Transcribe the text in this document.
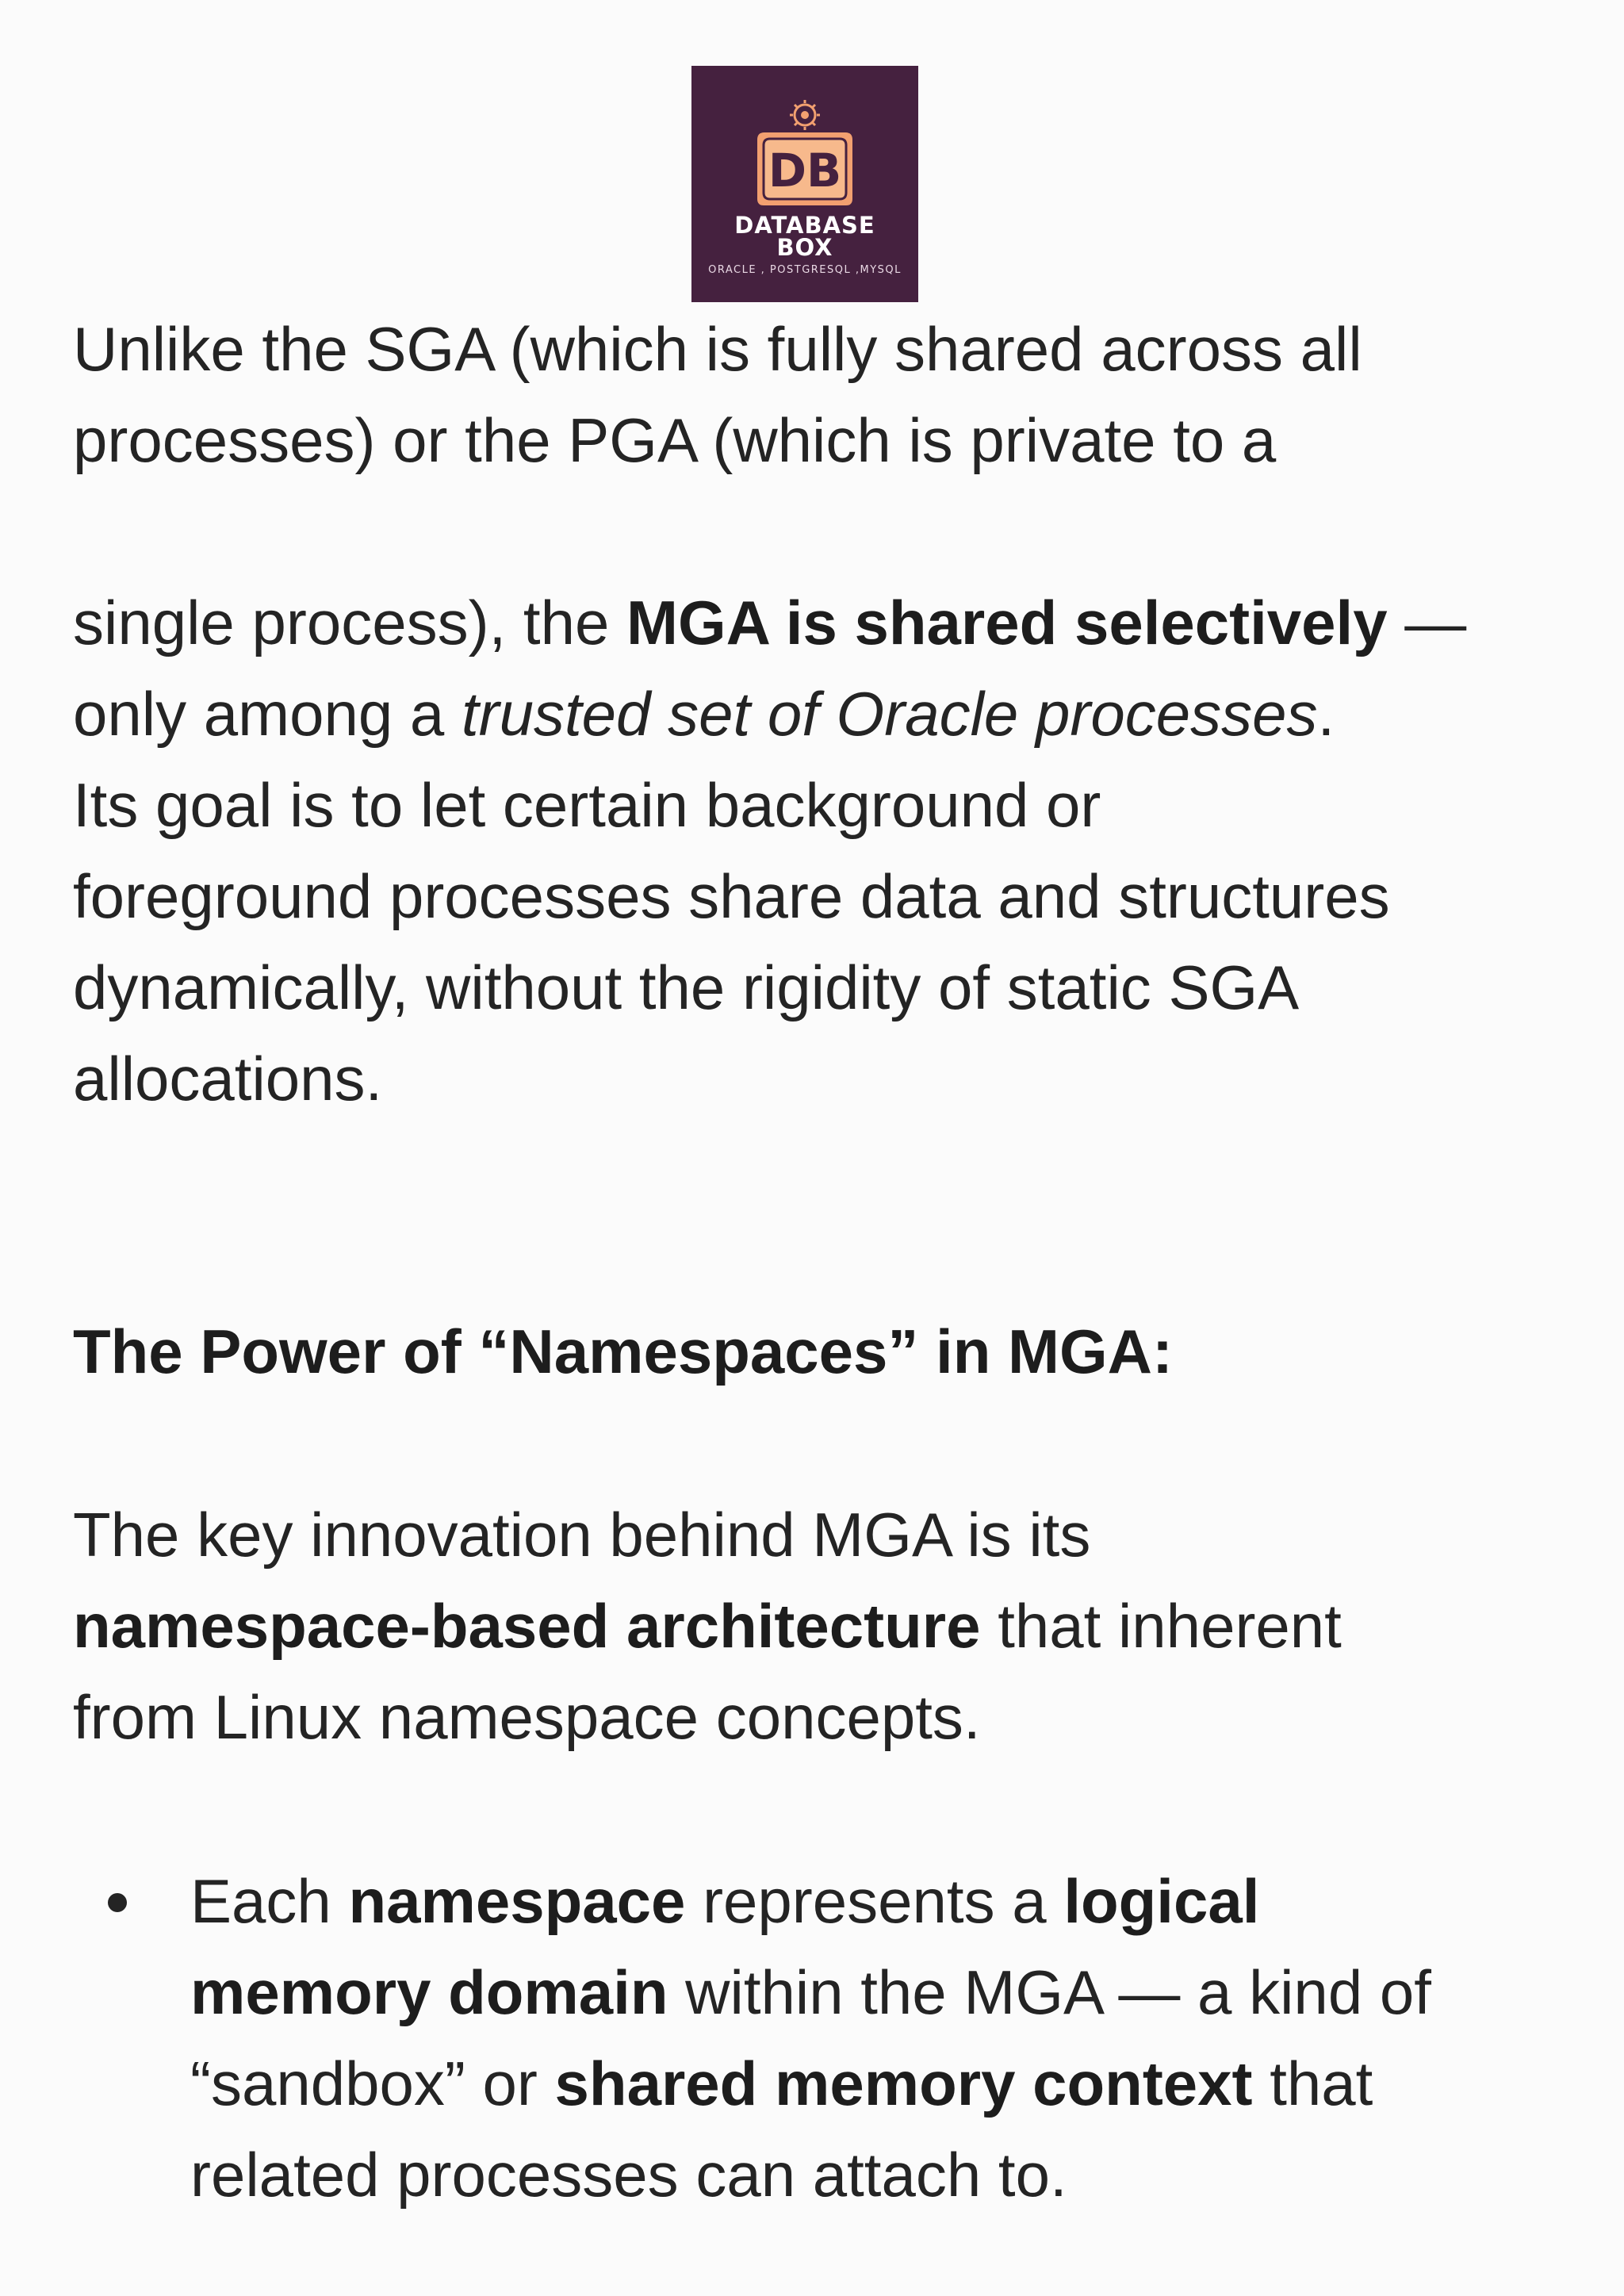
DB
DATABASE
BOX
ORACLE , POSTGRESQL ,MYSQL

Unlike the SGA (which is fully shared across all

processes) or the PGA (which is private to a

single process), the MGA is shared selectively —

only among a trusted set of Oracle processes.

Its goal is to let certain background or

foreground processes share data and structures

dynamically, without the rigidity of static SGA

allocations.

The Power of “Namespaces” in MGA:

The key innovation behind MGA is its

namespace-based architecture that inherent

from Linux namespace concepts.

Each namespace represents a logical

memory domain within the MGA — a kind of

“sandbox” or shared memory context that

related processes can attach to.
